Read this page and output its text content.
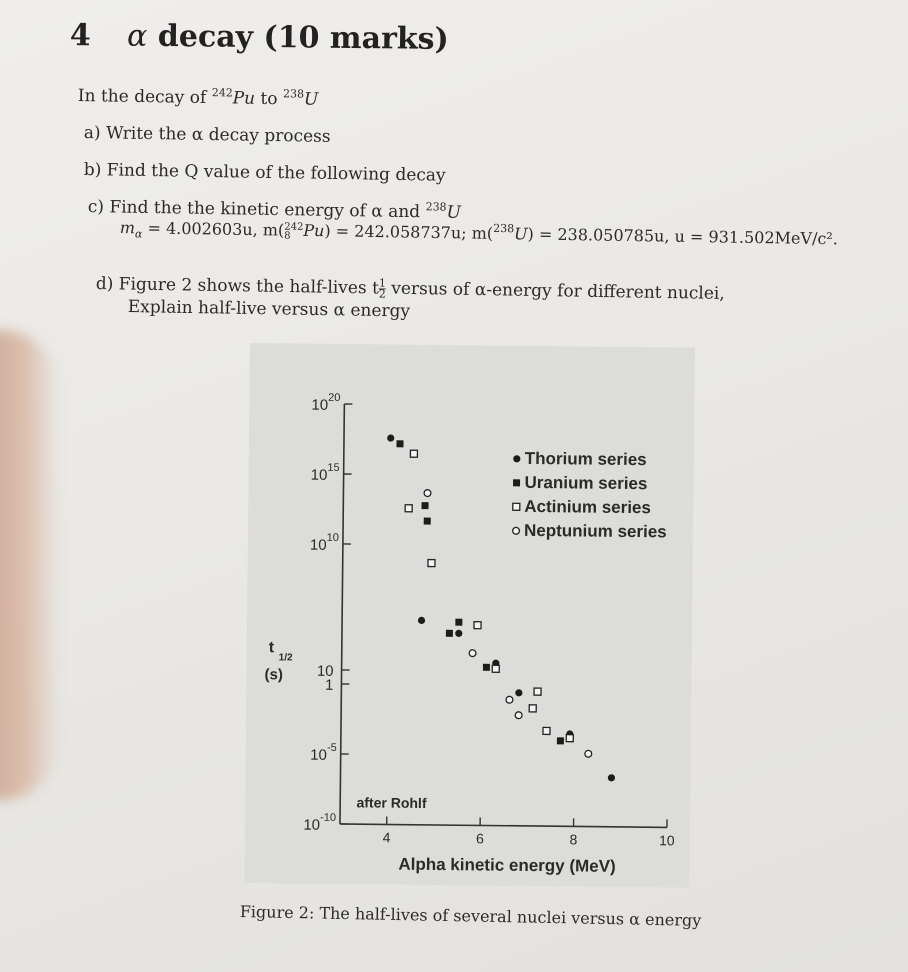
4 α decay (10 marks)
In the decay of $^{242}$Pu to $^{238}$U
a) Write the α decay process
b) Find the Q value of the following decay
c) Find the the kinetic energy of α and $^{238}$U
$m_\alpha = 4.002603u$, m( 242
8 Pu) = 242.058737u; m($^{238}$U) = 238.050785u, u = 931.502MeV/c².
d) Figure 2 shows the half-lives t $\frac{1}{2}$ versus of α-energy for different nuclei,
Explain half-live versus α energy
$10^{20}$
$10^{15}$
$10^{10}$
10
1
$10^{-5}$
$10^{-10}$
t
1/2
(s)
4	6	8	10
Alpha kinetic energy (MeV)
after Rohlf
Thorium series
Uranium series
Actinium series
Neptunium series
Figure 2: The half-lives of several nuclei versus α energy
